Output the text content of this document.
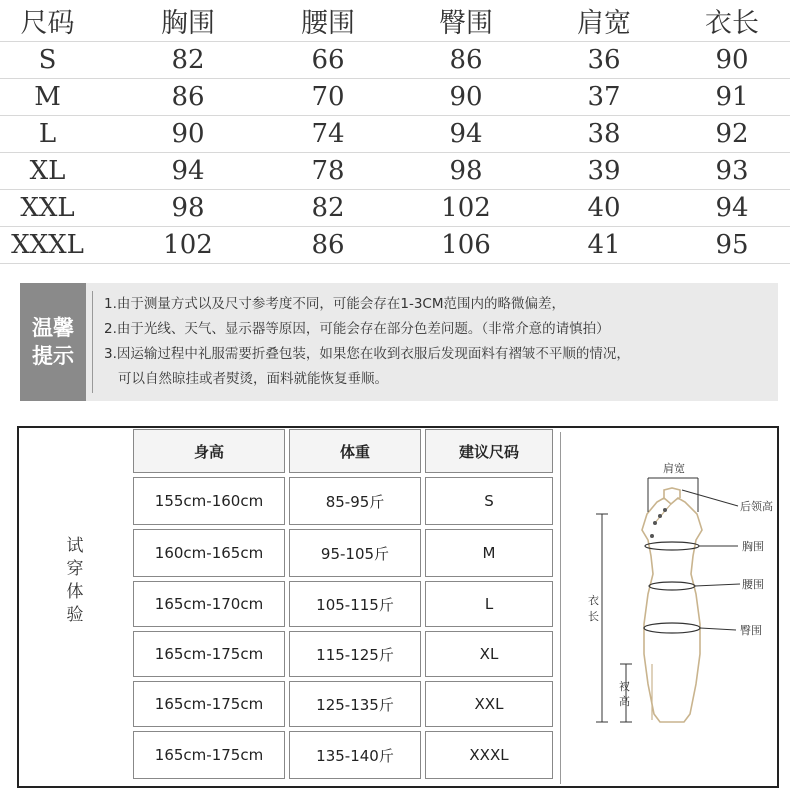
尺码	胸围	腰围	臀围	肩宽	衣长
S	82	66	86	36	90
M	86	70	90	37	91
L	90	74	94	38	92
XL	94	78	98	39	93
XXL	98	82	102	40	94
XXXL	102	86	106	41	95
温馨
提示
1.由于测量方式以及尺寸参考度不同，可能会存在1-3CM范围内的略微偏差，
2.由于光线、天气、显示器等原因，可能会存在部分色差问题。（非常介意的请慎拍）
3.因运输过程中礼服需要折叠包装，如果您在收到衣服后发现面料有褶皱不平顺的情况，
可以自然晾挂或者熨烫，面料就能恢复垂顺。
试
穿
体
验
身高	体重	建议尺码
155cm-160cm	85-95斤	S
160cm-165cm	95-105斤	M
165cm-170cm	105-115斤	L
165cm-175cm	115-125斤	XL
165cm-175cm	125-135斤	XXL
165cm-175cm	135-140斤	XXXL
肩宽
后领高
胸围
腰围
臀围
衣
长
衩
高
